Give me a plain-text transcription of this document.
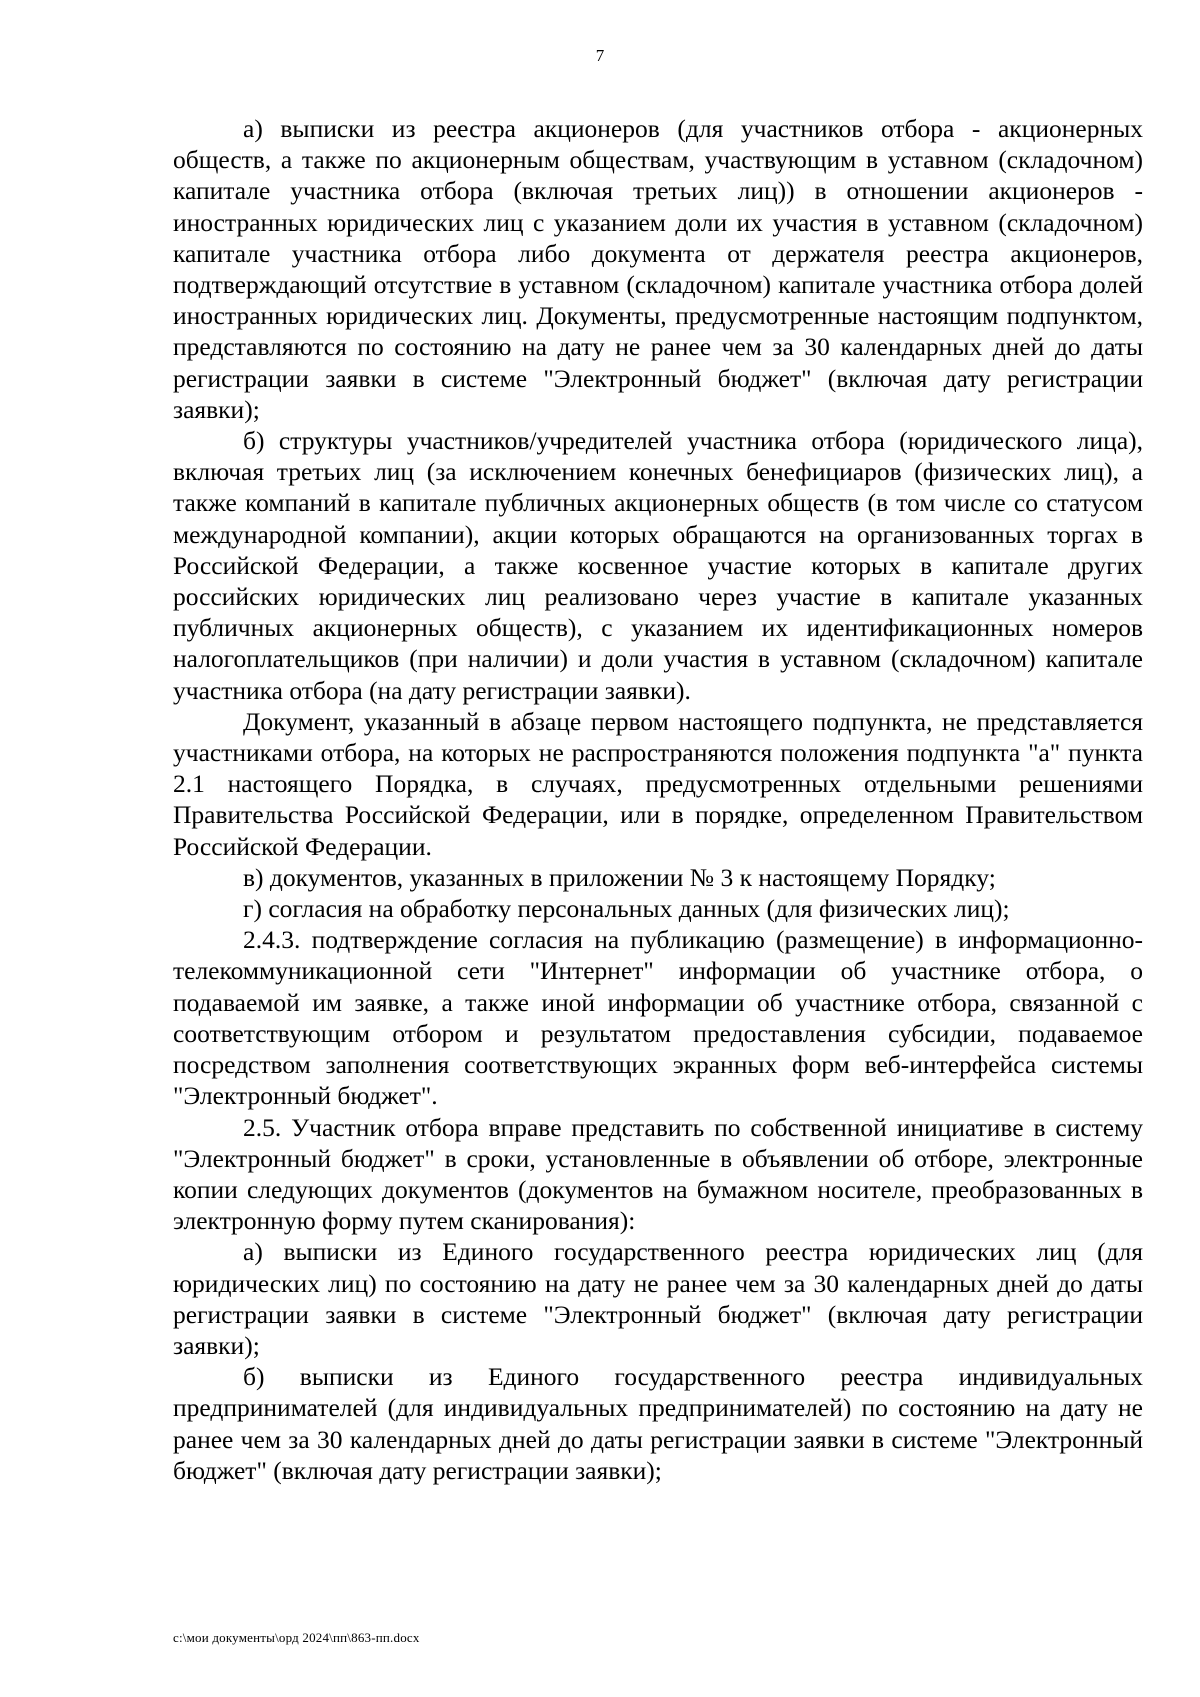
7

а) выписки из реестра акционеров (для участников отбора - акционерных обществ, а также по акционерным обществам, участвующим в уставном (складочном) капитале участника отбора (включая третьих лиц)) в отношении акционеров - иностранных юридических лиц с указанием доли их участия в уставном (складочном) капитале участника отбора либо документа от держателя реестра акционеров, подтверждающий отсутствие в уставном (складочном) капитале участника отбора долей иностранных юридических лиц. Документы, предусмотренные настоящим подпунктом, представляются по состоянию на дату не ранее чем за 30 календарных дней до даты регистрации заявки в системе "Электронный бюджет" (включая дату регистрации заявки);

б) структуры участников/учредителей участника отбора (юридического лица), включая третьих лиц (за исключением конечных бенефициаров (физических лиц), а также компаний в капитале публичных акционерных обществ (в том числе со статусом международной компании), акции которых обращаются на организованных торгах в Российской Федерации, а также косвенное участие которых в капитале других российских юридических лиц реализовано через участие в капитале указанных публичных акционерных обществ), с указанием их идентификационных номеров налогоплательщиков (при наличии) и доли участия в уставном (складочном) капитале участника отбора (на дату регистрации заявки).

Документ, указанный в абзаце первом настоящего подпункта, не представляется участниками отбора, на которых не распространяются положения подпункта "а" пункта 2.1 настоящего Порядка, в случаях, предусмотренных отдельными решениями Правительства Российской Федерации, или в порядке, определенном Правительством Российской Федерации.

в) документов, указанных в приложении № 3 к настоящему Порядку;

г) согласия на обработку персональных данных (для физических лиц);

2.4.3. подтверждение согласия на публикацию (размещение) в информационно-телекоммуникационной сети "Интернет" информации об участнике отбора, о подаваемой им заявке, а также иной информации об участнике отбора, связанной с соответствующим отбором и результатом предоставления субсидии, подаваемое посредством заполнения соответствующих экранных форм веб-интерфейса системы "Электронный бюджет".

2.5. Участник отбора вправе представить по собственной инициативе в систему "Электронный бюджет" в сроки, установленные в объявлении об отборе, электронные копии следующих документов (документов на бумажном носителе, преобразованных в электронную форму путем сканирования):

а) выписки из Единого государственного реестра юридических лиц (для юридических лиц) по состоянию на дату не ранее чем за 30 календарных дней до даты регистрации заявки в системе "Электронный бюджет" (включая дату регистрации заявки);

б) выписки из Единого государственного реестра индивидуальных предпринимателей (для индивидуальных предпринимателей) по состоянию на дату не ранее чем за 30 календарных дней до даты регистрации заявки в системе "Электронный бюджет" (включая дату регистрации заявки);

c:\мои документы\орд 2024\пп\863-пп.docx
